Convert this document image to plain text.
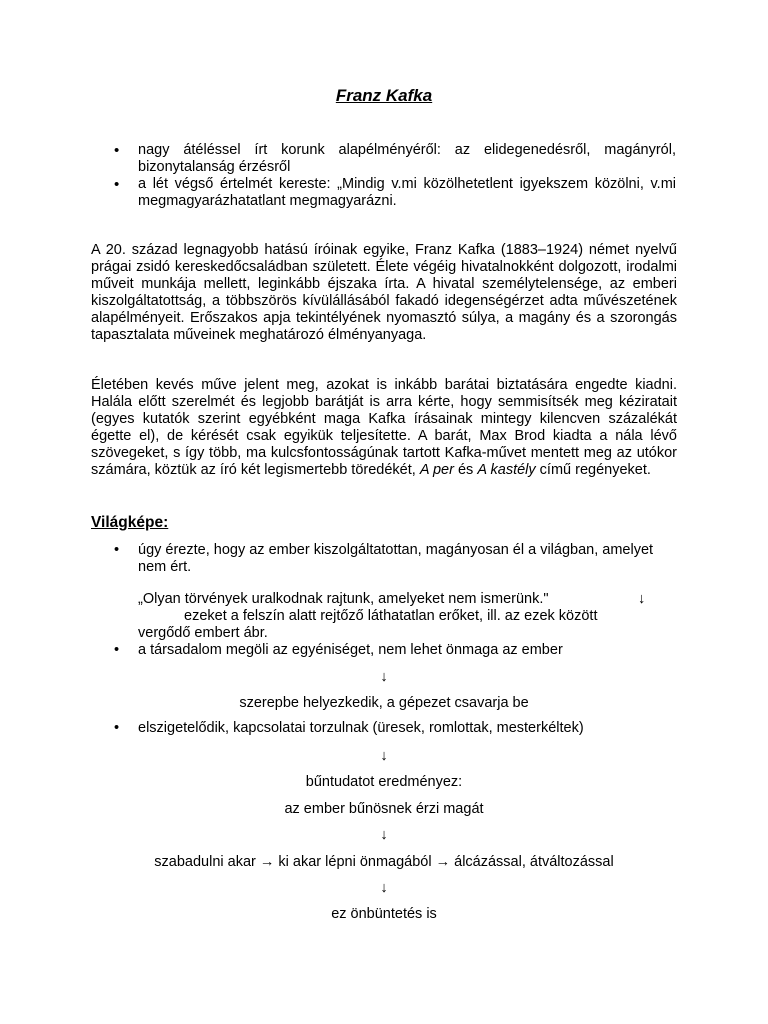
Franz Kafka
• nagy átéléssel írt korunk alapélményéről: az elidegenedésről, magányról, bizonytalanság érzésről
• a lét végső értelmét kereste: „Mindig v.mi közölhetetlent igyekszem közölni, v.mi megmagyarázhatatlant megmagyarázni.

A 20. század legnagyobb hatású íróinak egyike, Franz Kafka (1883–1924) német nyelvű prágai zsidó kereskedőcsaládban született. Élete végéig hivatalnokként dolgozott, irodalmi műveit munkája mellett, leginkább éjszaka írta. A hivatal személytelensége, az emberi kiszolgáltatottság, a többszörös kívülállásából fakadó idegenségérzet adta művészetének alapélményeit. Erőszakos apja tekintélyének nyomasztó súlya, a magány és a szorongás tapasztalata műveinek meghatározó élményanyaga.

Életében kevés műve jelent meg, azokat is inkább barátai biztatására engedte kiadni. Halála előtt szerelmét és legjobb barátját is arra kérte, hogy semmisítsék meg kéziratait (egyes kutatók szerint egyébként maga Kafka írásainak mintegy kilencven százalékát égette el), de kérését csak egyikük teljesítette. A barát, Max Brod kiadta a nála lévő szövegeket, s így több, ma kulcsfontosságúnak tartott Kafka-művet mentett meg az utókor számára, köztük az író két legismertebb töredékét, A per és A kastély című regényeket.

Világképe:
• úgy érezte, hogy az ember kiszolgáltatottan, magányosan él a világban, amelyet nem ért.
„Olyan törvények uralkodnak rajtunk, amelyeket nem ismerünk."	↓
ezeket a felszín alatt rejtőző láthatatlan erőket, ill. az ezek között
vergődő embert ábr.
• a társadalom megöli az egyéniséget, nem lehet önmaga az ember
↓
szerepbe helyezkedik, a gépezet csavarja be
• elszigetelődik, kapcsolatai torzulnak (üresek, romlottak, mesterkéltek)
↓
bűntudatot eredményez:
az ember bűnösnek érzi magát
↓
szabadulni akar → ki akar lépni önmagából → álcázással, átváltozással
↓
ez önbüntetés is
